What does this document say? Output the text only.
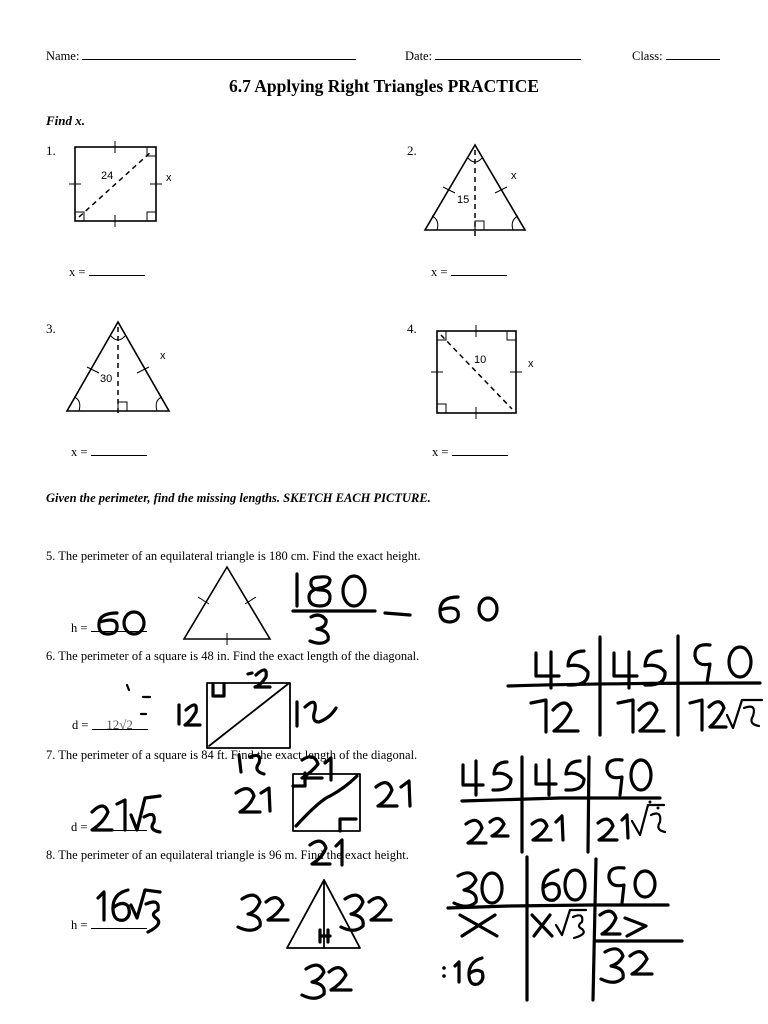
Name:	Date:	Class:
6.7 Applying Right Triangles PRACTICE
Find x.
1.
24	x
x =
2.
15
x
x =
3.
30
x
x =
4.
10	x
x =
Given the perimeter, find the missing lengths. SKETCH EACH PICTURE.
5. The perimeter of an equilateral triangle is 180 cm. Find the exact height.
h =
6. The perimeter of a square is 48 in. Find the exact length of the diagonal.
d = 12√2
7. The perimeter of a square is 84 ft. Find the exact length of the diagonal.
d =
8. The perimeter of an equilateral triangle is 96 m. Find the exact height.
h =
